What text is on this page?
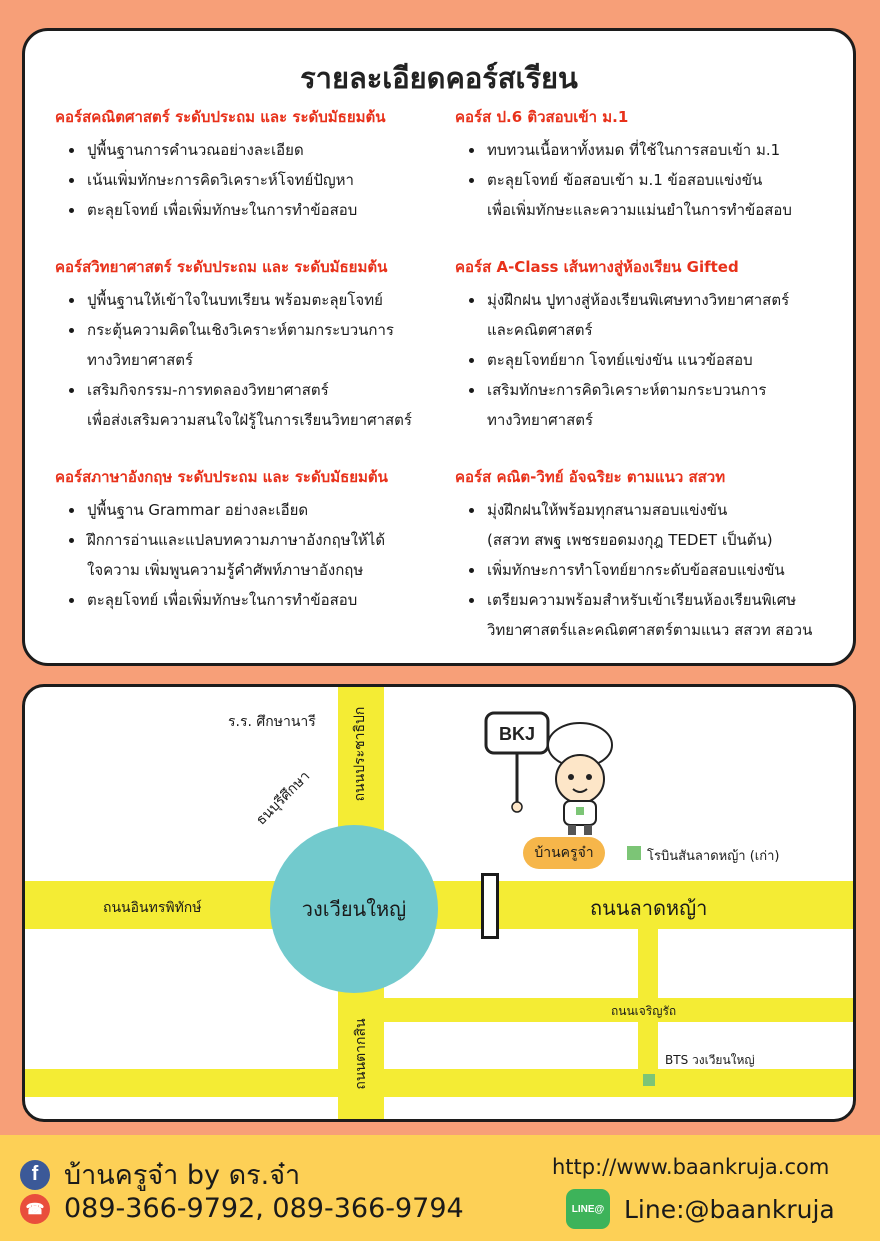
รายละเอียดคอร์สเรียน
คอร์สคณิตศาสตร์ ระดับประถม และ ระดับมัธยมต้น
ปูพื้นฐานการคำนวณอย่างละเอียด
เน้นเพิ่มทักษะการคิดวิเคราะห์โจทย์ปัญหา
ตะลุยโจทย์ เพื่อเพิ่มทักษะในการทำข้อสอบ
คอร์สวิทยาศาสตร์ ระดับประถม และ ระดับมัธยมต้น
ปูพื้นฐานให้เข้าใจในบทเรียน พร้อมตะลุยโจทย์
กระตุ้นความคิดในเชิงวิเคราะห์ตามกระบวนการ
ทางวิทยาศาสตร์
เสริมกิจกรรม-การทดลองวิทยาศาสตร์
เพื่อส่งเสริมความสนใจใฝ่รู้ในการเรียนวิทยาศาสตร์
คอร์สภาษาอังกฤษ ระดับประถม และ ระดับมัธยมต้น
ปูพื้นฐาน Grammar อย่างละเอียด
ฝึกการอ่านและแปลบทความภาษาอังกฤษให้ได้
ใจความ เพิ่มพูนความรู้คำศัพท์ภาษาอังกฤษ
ตะลุยโจทย์ เพื่อเพิ่มทักษะในการทำข้อสอบ
คอร์ส ป.6 ติวสอบเข้า ม.1
ทบทวนเนื้อหาทั้งหมด ที่ใช้ในการสอบเข้า ม.1
ตะลุยโจทย์ ข้อสอบเข้า ม.1 ข้อสอบแข่งขัน
เพื่อเพิ่มทักษะและความแม่นยำในการทำข้อสอบ
คอร์ส A-Class เส้นทางสู่ห้องเรียน Gifted
มุ่งฝึกฝน ปูทางสู่ห้องเรียนพิเศษทางวิทยาศาสตร์
และคณิตศาสตร์
ตะลุยโจทย์ยาก โจทย์แข่งขัน แนวข้อสอบ
เสริมทักษะการคิดวิเคราะห์ตามกระบวนการ
ทางวิทยาศาสตร์
คอร์ส คณิต-วิทย์ อัจฉริยะ ตามแนว สสวท
มุ่งฝึกฝนให้พร้อมทุกสนามสอบแข่งขัน
(สสวท สพฐ เพชรยอดมงกุฎ TEDET เป็นต้น)
เพิ่มทักษะการทำโจทย์ยากระดับข้อสอบแข่งขัน
เตรียมความพร้อมสำหรับเข้าเรียนห้องเรียนพิเศษ
วิทยาศาสตร์และคณิตศาสตร์ตามแนว สสวท สอวน
วงเวียนใหญ่
ร.ร. ศึกษานารี	ถนนประชาธิปก
ธนบุรีศึกษา
ถนนอินทรพิทักษ์	ถนนลาดหญ้า
ถนนเจริญรัถ
ถนนตากสิน	BTS วงเวียนใหญ่
โรบินสันลาดหญ้า (เก่า)
บ้านครูจ๋า
BKJ
f บ้านครูจ๋า by ดร.จ๋า
☎ 089-366-9792, 089-366-9794
http://www.baankruja.com
LINE@ Line:@baankruja
